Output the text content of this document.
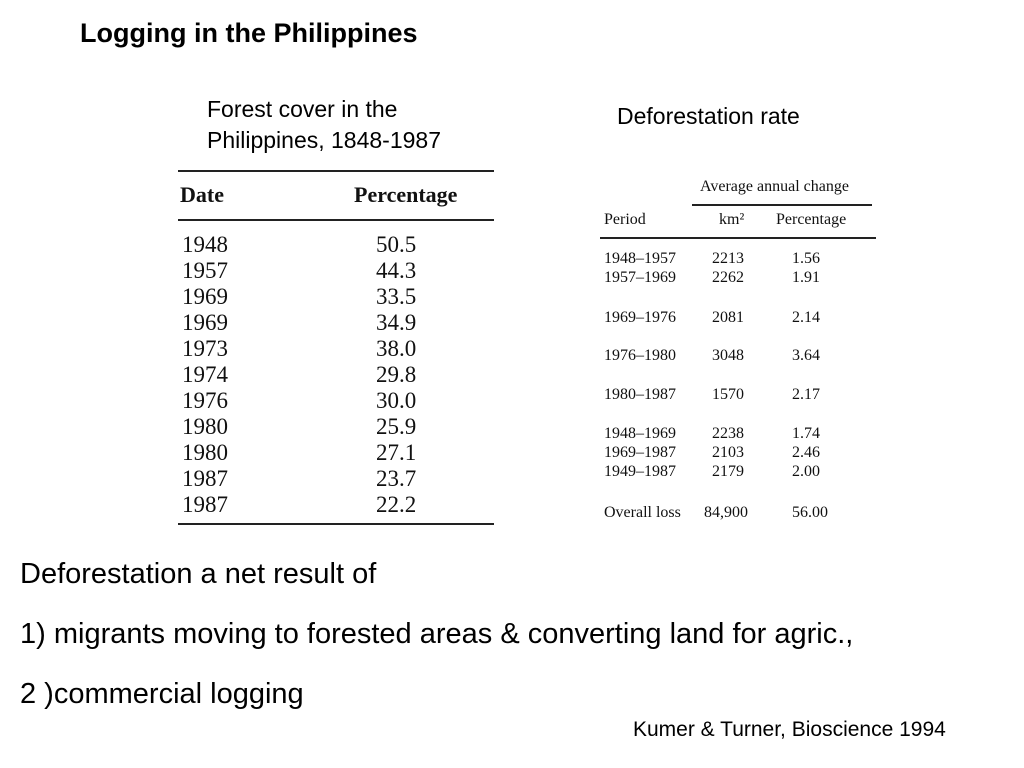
Logging in the Philippines
Forest cover in the Philippines, 1848-1987
Deforestation rate
Date	Percentage
1948	50.5
1957	44.3
1969	33.5
1969	34.9
1973	38.0
1974	29.8
1976	30.0
1980	25.9
1980	27.1
1987	23.7
1987	22.2
Average annual change
Period	km² Percentage
1948–1957 2213	1.56
1957–1969 2262	1.91
1969–1976 2081	2.14
1976–1980 3048	3.64
1980–1987 1570	2.17
1948–1969 2238	1.74
1969–1987 2103	2.46
1949–1987 2179	2.00
Overall loss 84,900	56.00
Deforestation a net result of
1) migrants moving to forested areas & converting land for agric.,
2 )commercial logging
Kumer & Turner, Bioscience 1994
